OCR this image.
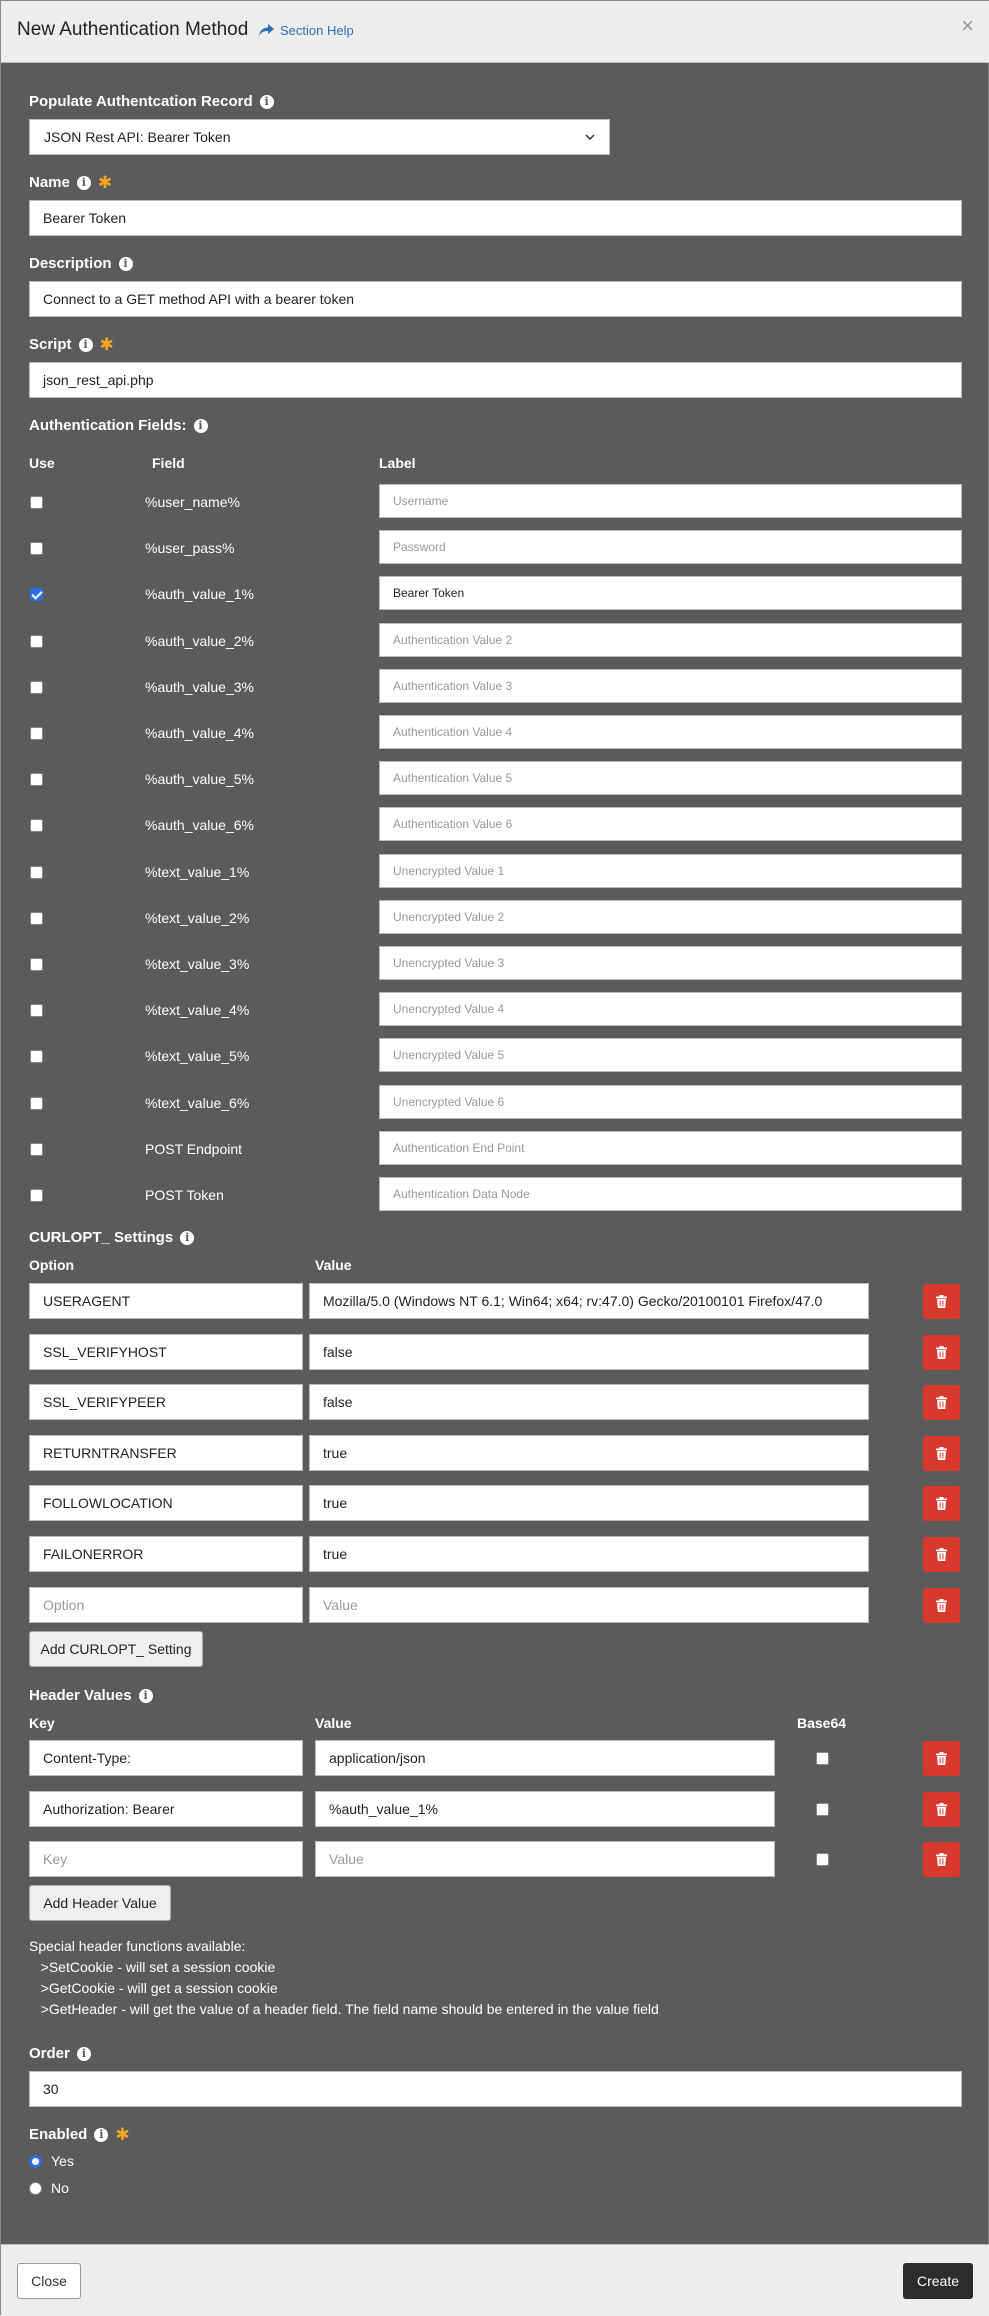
New Authentication Method Section Help	×
Populate Authentcation Record	i
JSON Rest API: Bearer Token
Name	i ✱
Bearer Token
Description	i
Connect to a GET method API with a bearer token
Script	i ✱
json_rest_api.php
Authentication Fields:	i
Use	Field	Label
%user_name%	Username
%user_pass%	Password
%auth_value_1%	Bearer Token
%auth_value_2%	Authentication Value 2
%auth_value_3%	Authentication Value 3
%auth_value_4%	Authentication Value 4
%auth_value_5%	Authentication Value 5
%auth_value_6%	Authentication Value 6
%text_value_1%	Unencrypted Value 1
%text_value_2%	Unencrypted Value 2
%text_value_3%	Unencrypted Value 3
%text_value_4%	Unencrypted Value 4
%text_value_5%	Unencrypted Value 5
%text_value_6%	Unencrypted Value 6
POST Endpoint	Authentication End Point
POST Token	Authentication Data Node
CURLOPT_ Settings	i
Option	Value
USERAGENT	Mozilla/5.0 (Windows NT 6.1; Win64; x64; rv:47.0) Gecko/20100101 Firefox/47.0
SSL_VERIFYHOST	false
SSL_VERIFYPEER	false
RETURNTRANSFER	true
FOLLOWLOCATION	true
FAILONERROR	true
Option	Value
Add CURLOPT_ Setting
Header Values	i
Key	Value	Base64
Content-Type:	application/json
Authorization: Bearer	%auth_value_1%
Key	Value
Add Header Value
Special header functions available:
>SetCookie - will set a session cookie
>GetCookie - will get a session cookie
>GetHeader - will get the value of a header field. The field name should be entered in the value field
Order	i
30
Enabled	i ✱
Yes
No
Close	Create
